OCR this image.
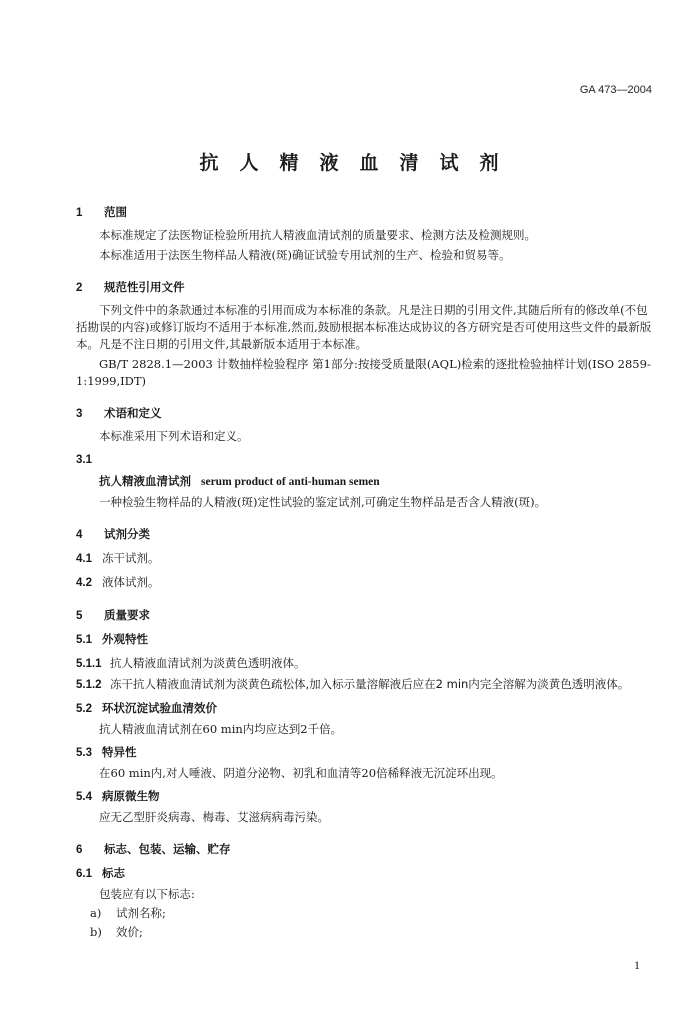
GA 473—2004
抗人精液血清试剂
1 范围
本标准规定了法医物证检验所用抗人精液血清试剂的质量要求、检测方法及检测规则。
本标准适用于法医生物样品人精液(斑)确证试验专用试剂的生产、检验和贸易等。
2 规范性引用文件
下列文件中的条款通过本标准的引用而成为本标准的条款。凡是注日期的引用文件,其随后所有的修改单(不包括勘误的内容)或修订版均不适用于本标准,然而,鼓励根据本标准达成协议的各方研究是否可使用这些文件的最新版本。凡是不注日期的引用文件,其最新版本适用于本标准。
GB/T 2828.1—2003 计数抽样检验程序 第1部分:按接受质量限(AQL)检索的逐批检验抽样计划(ISO 2859-1:1999,IDT)
3 术语和定义
本标准采用下列术语和定义。
3.1
抗人精液血清试剂 serum product of anti-human semen
一种检验生物样品的人精液(斑)定性试验的鉴定试剂,可确定生物样品是否含人精液(斑)。
4 试剂分类
4.1 冻干试剂。
4.2 液体试剂。
5 质量要求
5.1 外观特性
5.1.1 抗人精液血清试剂为淡黄色透明液体。
5.1.2 冻干抗人精液血清试剂为淡黄色疏松体,加入标示量溶解液后应在2 min内完全溶解为淡黄色透明液体。
5.2 环状沉淀试验血清效价
抗人精液血清试剂在60 min内均应达到2千倍。
5.3 特异性
在60 min内,对人唾液、阴道分泌物、初乳和血清等20倍稀释液无沉淀环出现。
5.4 病原微生物
应无乙型肝炎病毒、梅毒、艾滋病病毒污染。
6 标志、包装、运输、贮存
6.1 标志
包装应有以下标志:
a) 试剂名称;
b) 效价;
1
